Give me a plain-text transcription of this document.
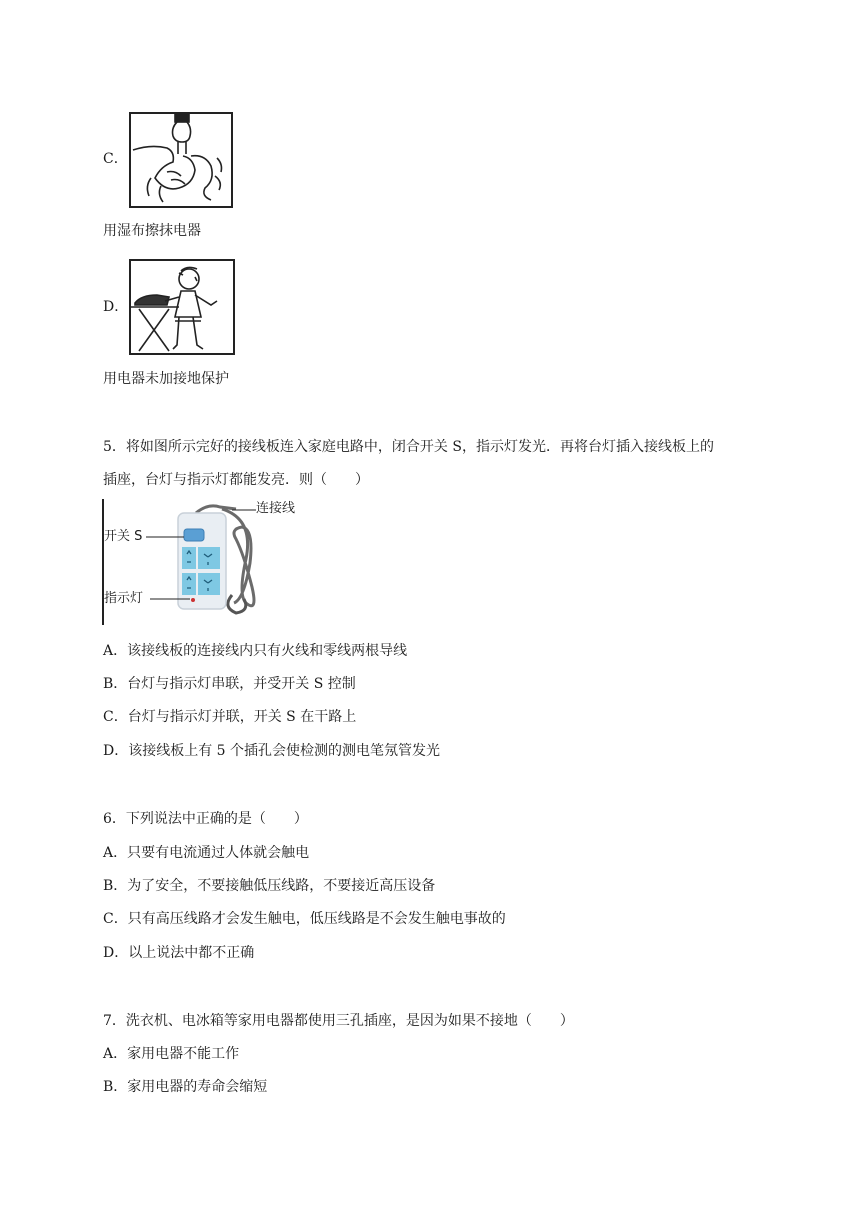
C．
用湿布擦抹电器
D．
用电器未加接地保护
5．将如图所示完好的接线板连入家庭电路中，闭合开关 S，指示灯发光．再将台灯插入接线板上的
插座，台灯与指示灯都能发亮．则（　　）
连接线
开关 S
指示灯
A．该接线板的连接线内只有火线和零线两根导线
B．台灯与指示灯串联，并受开关 S 控制
C．台灯与指示灯并联，开关 S 在干路上
D．该接线板上有 5 个插孔会使检测的测电笔氖管发光
6．下列说法中正确的是（　　）
A．只要有电流通过人体就会触电
B．为了安全，不要接触低压线路，不要接近高压设备
C．只有高压线路才会发生触电，低压线路是不会发生触电事故的
D．以上说法中都不正确
7．洗衣机、电冰箱等家用电器都使用三孔插座，是因为如果不接地（　　）
A．家用电器不能工作
B．家用电器的寿命会缩短
